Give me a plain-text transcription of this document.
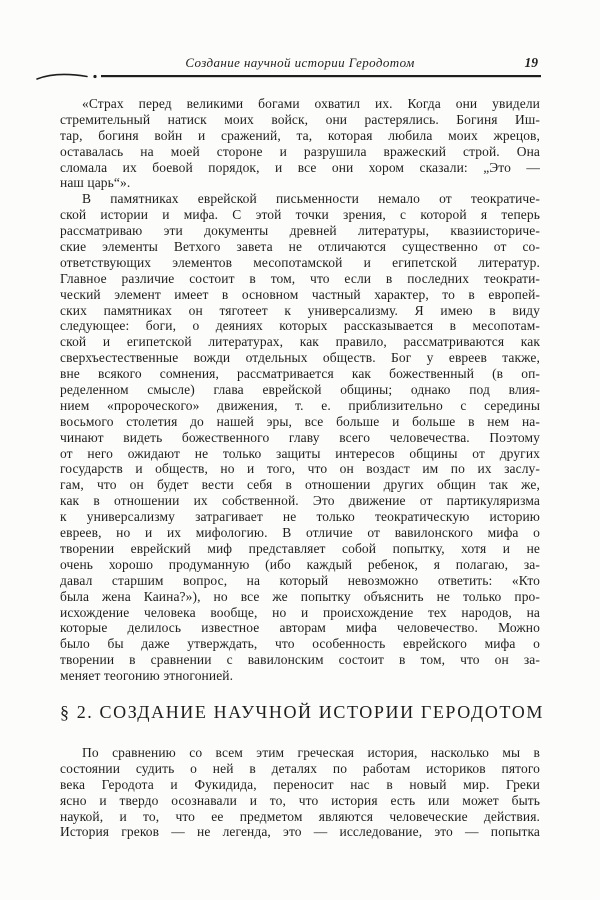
Создание научной истории Геродотом	19
«Страх перед великими богами охватил их. Когда они увидели
стремительный натиск моих войск, они растерялись. Богиня Иш-
тар, богиня войн и сражений, та, которая любила моих жрецов,
оставалась на моей стороне и разрушила вражеский строй. Она
сломала их боевой порядок, и все они хором сказали: „Это —
наш царь“».
В памятниках еврейской письменности немало от теократиче-
ской истории и мифа. С этой точки зрения, с которой я теперь
рассматриваю эти документы древней литературы, квазиисториче-
ские элементы Ветхого завета не отличаются существенно от со-
ответствующих элементов месопотамской и египетской литератур.
Главное различие состоит в том, что если в последних теократи-
ческий элемент имеет в основном частный характер, то в европей-
ских памятниках он тяготеет к универсализму. Я имею в виду
следующее: боги, о деяниях которых рассказывается в месопотам-
ской и египетской литературах, как правило, рассматриваются как
сверхъестественные вожди отдельных обществ. Бог у евреев также,
вне всякого сомнения, рассматривается как божественный (в оп-
ределенном смысле) глава еврейской общины; однако под влия-
нием «пророческого» движения, т. е. приблизительно с середины
восьмого столетия до нашей эры, все больше и больше в нем на-
чинают видеть божественного главу всего человечества. Поэтому
от него ожидают не только защиты интересов общины от других
государств и обществ, но и того, что он воздаст им по их заслу-
гам, что он будет вести себя в отношении других общин так же,
как в отношении их собственной. Это движение от партикуляризма
к универсализму затрагивает не только теократическую историю
евреев, но и их мифологию. В отличие от вавилонского мифа о
творении еврейский миф представляет собой попытку, хотя и не
очень хорошо продуманную (ибо каждый ребенок, я полагаю, за-
давал старшим вопрос, на который невозможно ответить: «Кто
была жена Каина?»), но все же попытку объяснить не только про-
исхождение человека вообще, но и происхождение тех народов, на
которые делилось известное авторам мифа человечество. Можно
было бы даже утверждать, что особенность еврейского мифа о
творении в сравнении с вавилонским состоит в том, что он за-
меняет теогонию этногонией.
§ 2. СОЗДАНИЕ НАУЧНОЙ ИСТОРИИ ГЕРОДОТОМ
По сравнению со всем этим греческая история, насколько мы в
состоянии судить о ней в деталях по работам историков пятого
века Геродота и Фукидида, переносит нас в новый мир. Греки
ясно и твердо осознавали и то, что история есть или может быть
наукой, и то, что ее предметом являются человеческие действия.
История греков — не легенда, это — исследование, это — попытка
